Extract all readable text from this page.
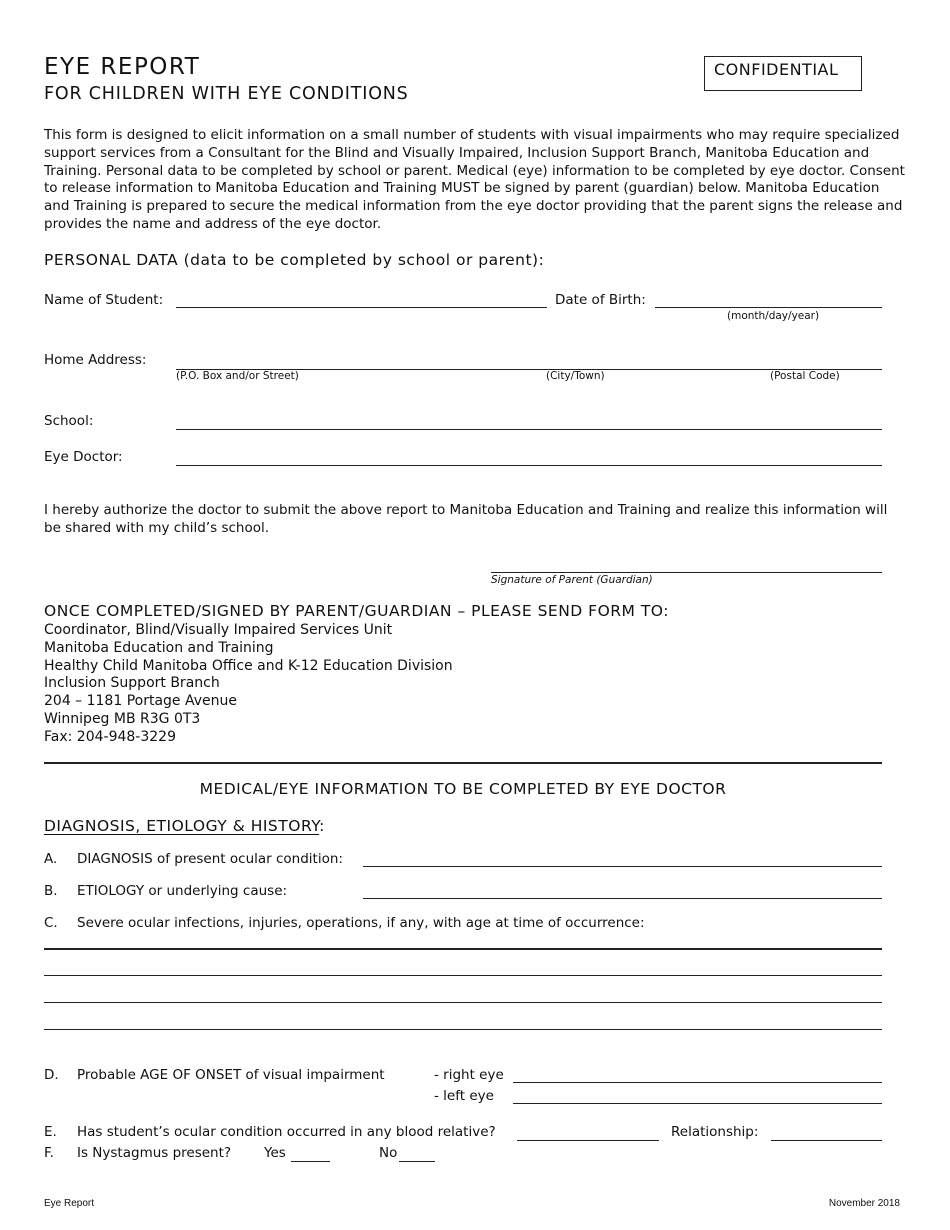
EYE REPORT
FOR CHILDREN WITH EYE CONDITIONS
CONFIDENTIAL
This form is designed to elicit information on a small number of students with visual impairments who may require specialized support services from a Consultant for the Blind and Visually Impaired, Inclusion Support Branch, Manitoba Education and Training. Personal data to be completed by school or parent. Medical (eye) information to be completed by eye doctor. Consent to release information to Manitoba Education and Training MUST be signed by parent (guardian) below. Manitoba Education and Training is prepared to secure the medical information from the eye doctor providing that the parent signs the release and provides the name and address of the eye doctor.
PERSONAL DATA (data to be completed by school or parent):
Name of Student:	Date of Birth:
(month/day/year)
Home Address:
(P.O. Box and/or Street)	(City/Town)	(Postal Code)
School:
Eye Doctor:
I hereby authorize the doctor to submit the above report to Manitoba Education and Training and realize this information will be shared with my child’s school.
Signature of Parent (Guardian)
ONCE COMPLETED/SIGNED BY PARENT/GUARDIAN – PLEASE SEND FORM TO:
Coordinator, Blind/Visually Impaired Services Unit
Manitoba Education and Training
Healthy Child Manitoba Office and K-12 Education Division
Inclusion Support Branch
204 – 1181 Portage Avenue
Winnipeg MB R3G 0T3
Fax: 204-948-3229
MEDICAL/EYE INFORMATION TO BE COMPLETED BY EYE DOCTOR
DIAGNOSIS, ETIOLOGY & HISTORY:
A. DIAGNOSIS of present ocular condition:
B. ETIOLOGY or underlying cause:
C. Severe ocular infections, injuries, operations, if any, with age at time of occurrence:
D. Probable AGE OF ONSET of visual impairment	- right eye
- left eye
E. Has student’s ocular condition occurred in any blood relative?	Relationship:
F. Is Nystagmus present? Yes	No
Eye Report	November 2018
